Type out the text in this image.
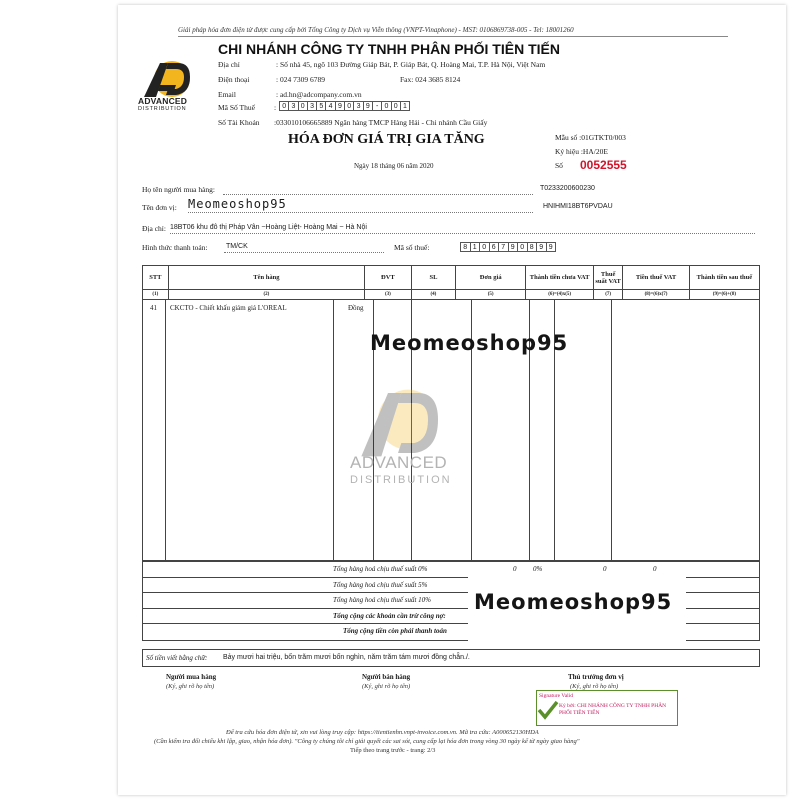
Giải pháp hóa đơn điện tử được cung cấp bởi Tổng Công ty Dịch vụ Viễn thông (VNPT-Vinaphone) - MST: 0106869738-005 - Tel: 18001260
ADVANCED
DISTRIBUTION
CHI NHÁNH CÔNG TY TNHH PHÂN PHỐI TIÊN TIẾN
Địa chỉ	: Số nhà 45, ngõ 103 Đường Giáp Bát, P. Giáp Bát, Q. Hoàng Mai, T.P. Hà Nội, Việt Nam
Điện thoại	: 024 7309 6789	Fax: 024 3685 8124
Email	: ad.hn@adcompany.com.vn
Mã Số Thuế	: 0 3 0 3 5 4 9 0 3 9 - 0 0 1
Số Tài Khoản :033010106665889 Ngân hàng TMCP Hàng Hải - Chi nhánh Cầu Giấy
HÓA ĐƠN GIÁ TRỊ GIA TĂNG	Mẫu số :01GTKT0/003
Ký hiệu :HA/20E
Số 0052555
Ngày 18 tháng 06 năm 2020
Họ tên người mua hàng:	T0233200600230
Tên đơn vị: Meomeoshop95	HNIHMI18BT6PVDAU
Địa chỉ: 18BT06 khu đô thị Pháp Vân ~Hoàng Liệt- Hoàng Mai ~ Hà Nội
Hình thức thanh toán:	TM/CK	Mã số thuế:	8 1 0 6 7 9 0 8 9 9
STT	Tên hàng	ĐVT	SL	Đơn giá	Thành tiền chưa VAT	Thuế suất VAT	Tiền thuế VAT	Thành tiền sau thuế
(1)	(2)	(3)	(4)	(5)	(6)=(4)x(5)	(7)	(8)=(6)x(7)	(9)=(6)+(8)
41 CKCTO - Chiết khấu giảm giá L'OREAL	Đồng
Tổng hàng hoá chịu thuế suất 0%	0 0%	0	0
Tổng hàng hoá chịu thuế suất 5%
Tổng hàng hoá chịu thuế suất 10%
Tổng cộng các khoản cần trừ công nợ:
Tổng cộng tiền còn phải thanh toán
Số tiền viết bằng chữ: Bảy mươi hai triệu, bốn trăm mươi bốn nghìn, năm trăm tám mươi đồng chẵn./.
Người mua hàng
(Ký, ghi rõ họ tên)
Người bán hàng
(Ký, ghi rõ họ tên)
Thủ trưởng đơn vị
(Ký, ghi rõ họ tên)
Signature Valid
Ký bởi: CHI NHÁNH CÔNG TY TNHH PHÂN PHỐI TIÊN TIẾN
Để tra cứu hóa đơn điện tử, xin vui lòng truy cập: https://tientienhn.vnpt-invoice.com.vn. Mã tra cứu: A000652130HDA
(Cần kiểm tra đối chiếu khi lập, giao, nhận hóa đơn). "Công ty chúng tôi chỉ giải quyết các sai sót, cung cấp lại hóa đơn trong vòng 30 ngày kể từ ngày giao hàng"
Tiếp theo trang trước - trang: 2/3
Meomeoshop95
Meomeoshop95
ADVANCED
DISTRIBUTION
